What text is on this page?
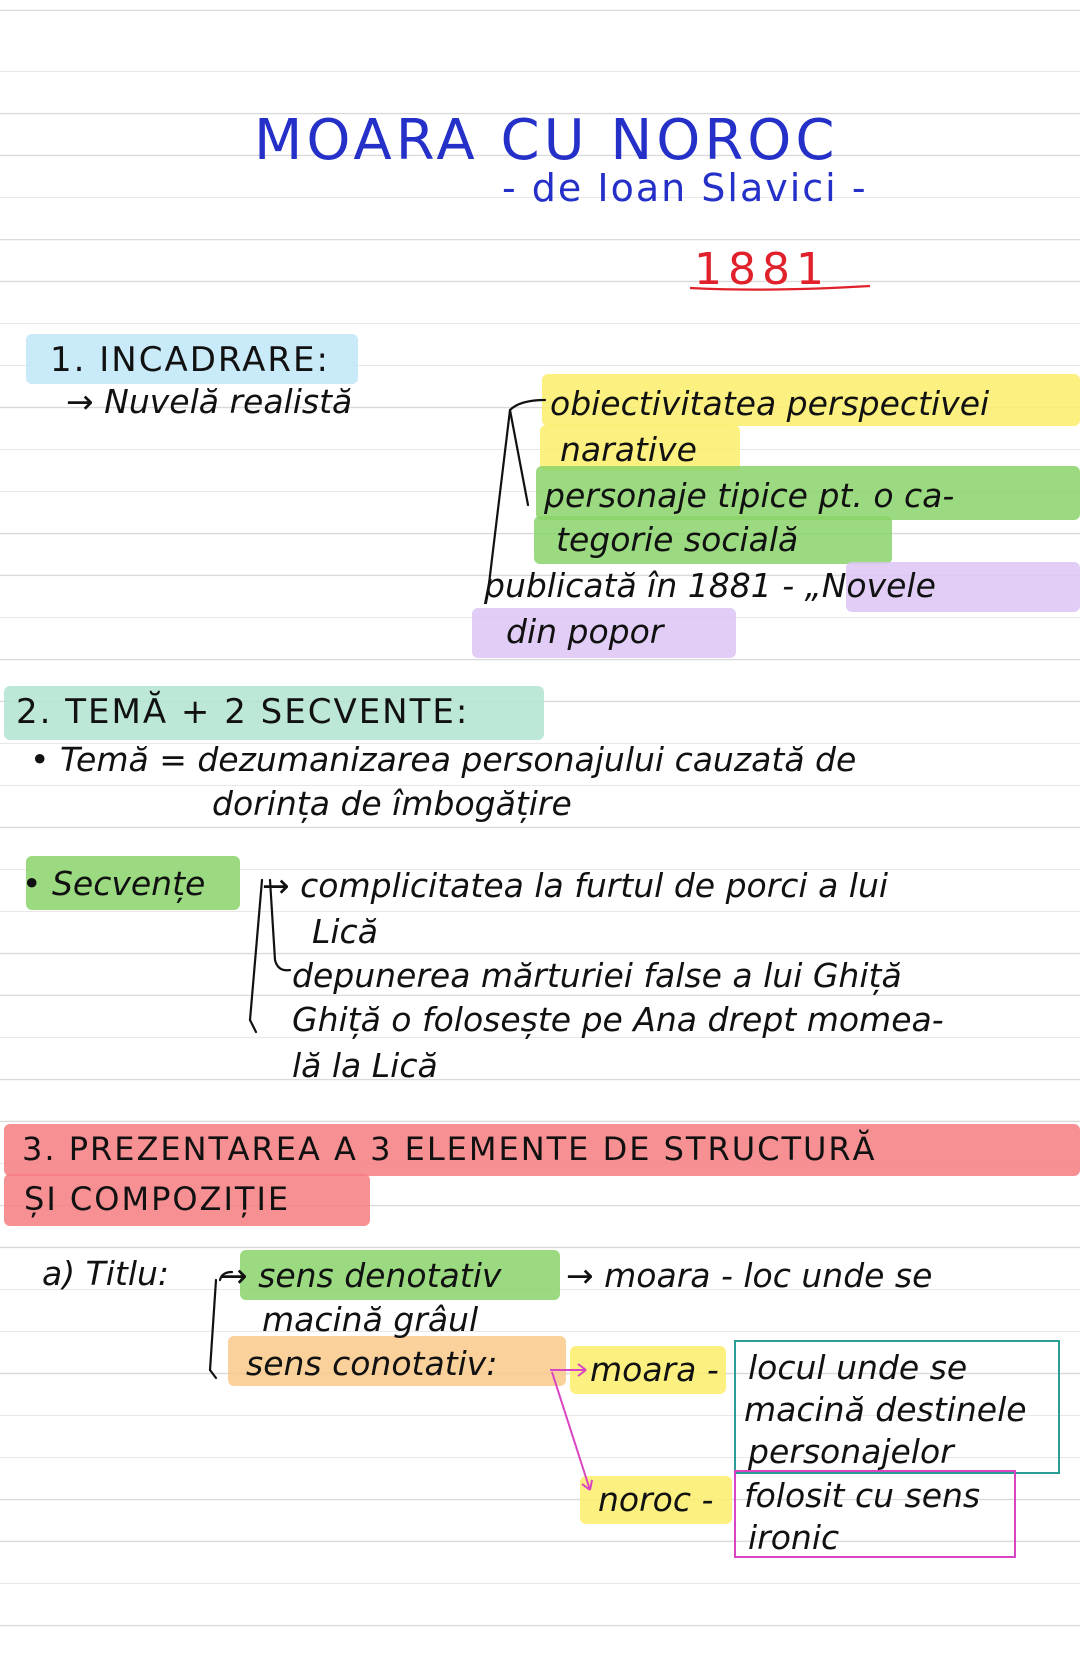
MOARA CU NOROC
- de Ioan Slavici -
1881
1. INCADRARE:
→ Nuvelă realistă	obiectivitatea perspectivei
narative
personaje tipice pt. o ca-
tegorie socială
publicată în 1881 - „Novele
din popor
2. TEMĂ + 2 SECVENTE:
• Temă = dezumanizarea personajului cauzată de
dorința de îmbogățire
• Secvențe → complicitatea la furtul de porci a lui
Lică
depunerea mărturiei false a lui Ghiță
Ghiță o folosește pe Ana drept momea-
lă la Lică
3. PREZENTAREA A 3 ELEMENTE DE STRUCTURĂ
ȘI COMPOZIȚIE
a) Titlu: → sens denotativ → moara - loc unde se
macină grâul
sens conotativ:	moara - locul unde se
macină destinele
personajelor
noroc - folosit cu sens
ironic
